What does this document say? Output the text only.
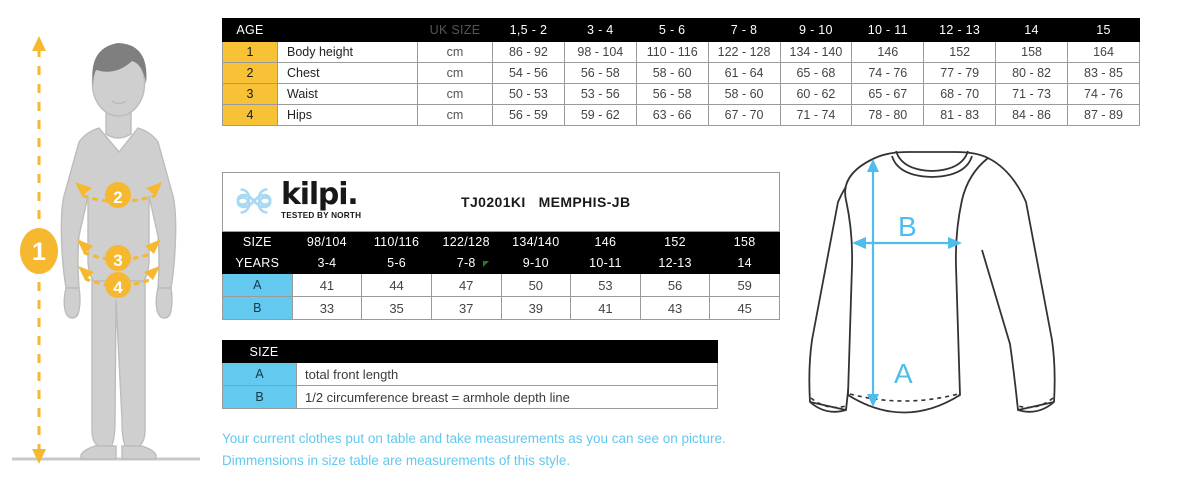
1
2
3
4
AGE		UK SIZE	1,5 - 2	3 - 4	5 - 6	7 - 8	9 - 10	10 - 11	12 - 13	14	15
1	Body height	cm	86 - 92	98 - 104	110 - 116	122 - 128	134 - 140	146	152	158	164
2	Chest	cm	54 - 56	56 - 58	58 - 60	61 - 64	65 - 68	74 - 76	77 - 79	80 - 82	83 - 85
3	Waist	cm	50 - 53	53 - 56	56 - 58	58 - 60	60 - 62	65 - 67	68 - 70	71 - 73	74 - 76
4	Hips	cm	56 - 59	59 - 62	63 - 66	67 - 70	71 - 74	78 - 80	81 - 83	84 - 86	87 - 89
kilpi.
TESTED BY NORTH
TJ0201KI MEMPHIS-JB							

SIZE	98/104	110/116	122/128	134/140	146	152	158
YEARS	3-4	5-6	7-8	9-10	10-11	12-13	14
A	41	44	47	50	53	56	59
B	33	35	37	39	41	43	45
SIZE	
A	total front length
B	1/2 circumference breast = armhole depth line
Your current clothes put on table and take measurements as you can see on picture.
Dimmensions in size table are measurements of this style.
A
B
